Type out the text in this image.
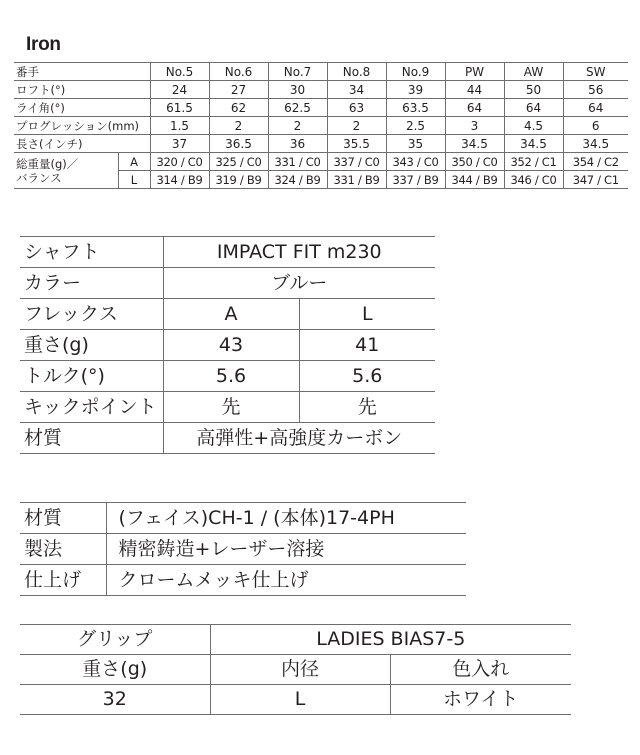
Iron
番手		No.5	No.6	No.7	No.8	No.9	PW	AW	SW
ロフト(°)		24	27	30	34	39	44	50	56
ライ角(°)		61.5	62	62.5	63	63.5	64	64	64
プログレッション(mm)		1.5	2	2	2	2.5	3	4.5	6
長さ(インチ)		37	36.5	36	35.5	35	34.5	34.5	34.5

総重量(g)／
バランス	A	320 / C0	325 / C0	331 / C0	337 / C0	343 / C0	350 / C0	352 / C1	354 / C2
	L	314 / B9	319 / B9	324 / B9	331 / B9	337 / B9	344 / B9	346 / C0	347 / C1
シャフト	IMPACT FIT m230	
カラー	ブルー	
フレックス	A	L
重さ(g)	43	41
トルク(°)	5.6	5.6
キックポイント	先	先
材質	高弾性+高強度カーボン	
材質	(フェイス)CH-1 / (本体)17-4PH
製法	精密鋳造+レーザー溶接
仕上げ	クロームメッキ仕上げ
グリップ	LADIES BIAS7-5	
重さ(g)	内径	色入れ
32	L	ホワイト
